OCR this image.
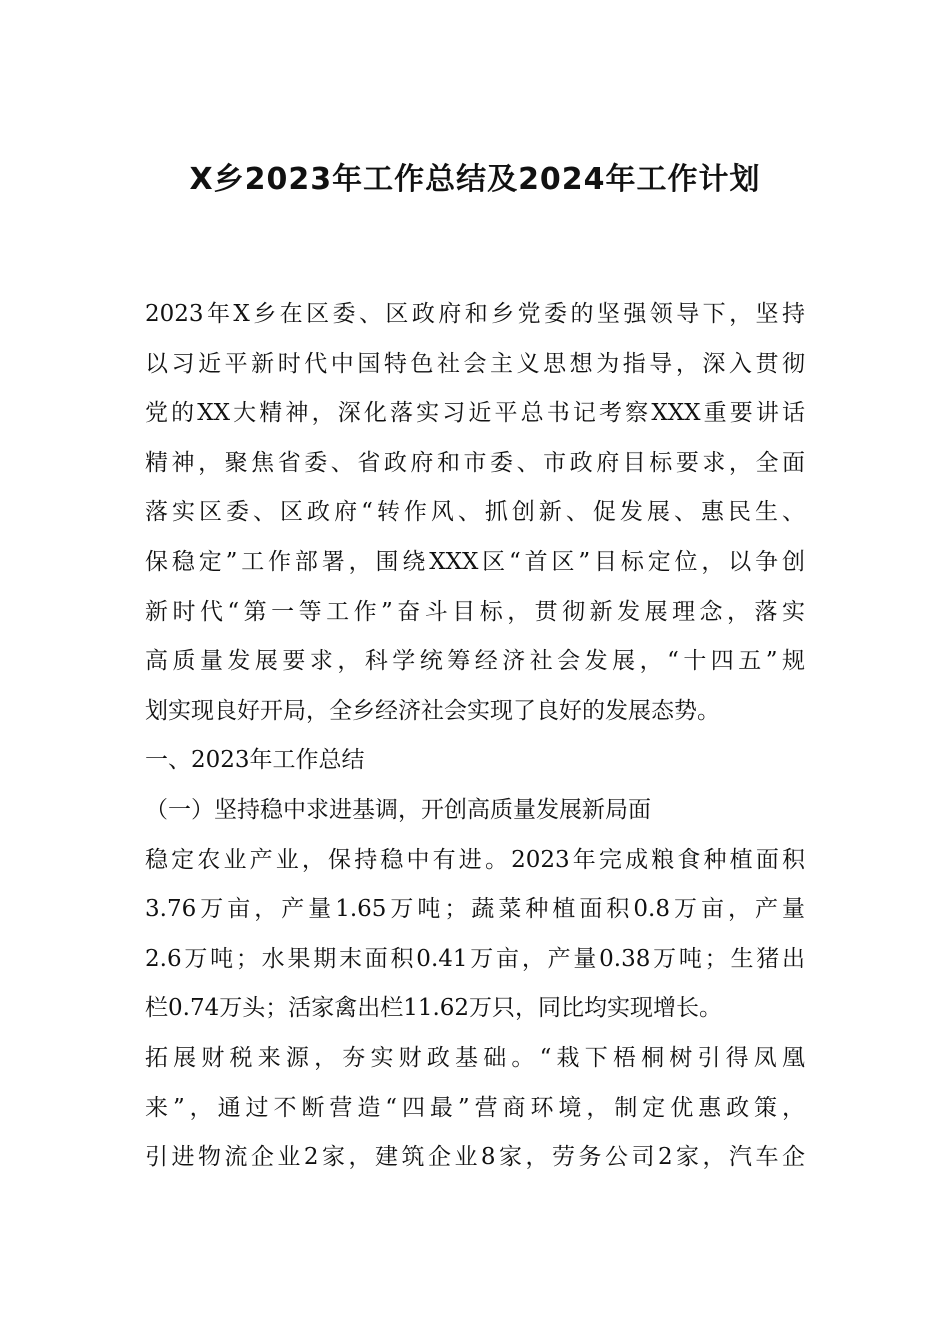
X乡2023年工作总结及2024年工作计划
2023年X乡在区委、区政府和乡党委的坚强领导下，坚持
以习近平新时代中国特色社会主义思想为指导，深入贯彻
党的XX大精神，深化落实习近平总书记考察XXX重要讲话
精神，聚焦省委、省政府和市委、市政府目标要求，全面
落实区委、区政府“转作风、抓创新、促发展、惠民生、
保稳定”工作部署，围绕XXX区“首区”目标定位，以争创
新时代“第一等工作”奋斗目标，贯彻新发展理念，落实
高质量发展要求，科学统筹经济社会发展，“十四五”规
划实现良好开局，全乡经济社会实现了良好的发展态势。
一、2023年工作总结
（一）坚持稳中求进基调，开创高质量发展新局面
稳定农业产业，保持稳中有进。2023年完成粮食种植面积
3.76万亩，产量1.65万吨；蔬菜种植面积0.8万亩，产量
2.6万吨；水果期末面积0.41万亩，产量0.38万吨；生猪出
栏0.74万头；活家禽出栏11.62万只，同比均实现增长。
拓展财税来源，夯实财政基础。“栽下梧桐树引得凤凰
来”，通过不断营造“四最”营商环境，制定优惠政策，
引进物流企业2家，建筑企业8家，劳务公司2家，汽车企
